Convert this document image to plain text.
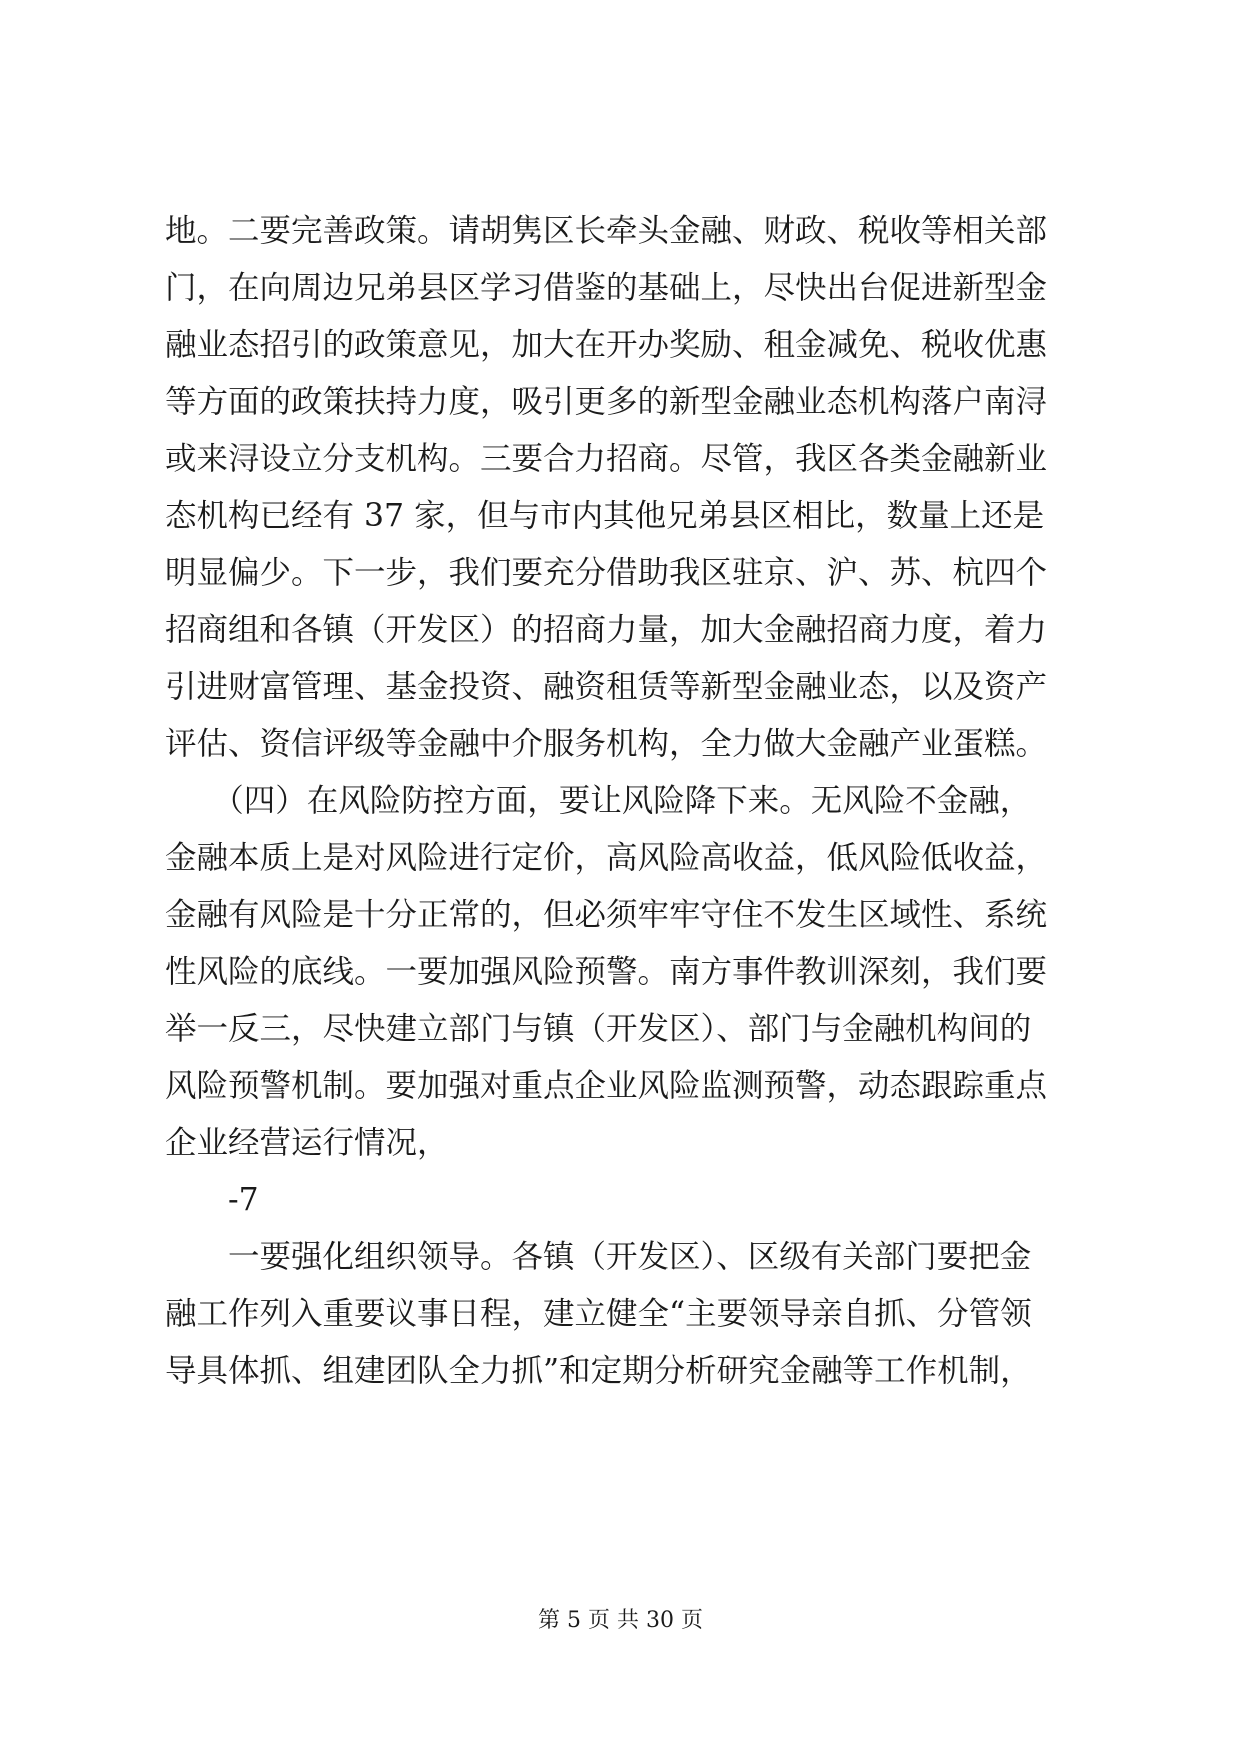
地。二要完善政策。请胡隽区长牵头金融、财政、税收等相关部
门，在向周边兄弟县区学习借鉴的基础上，尽快出台促进新型金
融业态招引的政策意见，加大在开办奖励、租金减免、税收优惠
等方面的政策扶持力度，吸引更多的新型金融业态机构落户南浔
或来浔设立分支机构。三要合力招商。尽管，我区各类金融新业
态机构已经有 37 家，但与市内其他兄弟县区相比，数量上还是
明显偏少。下一步，我们要充分借助我区驻京、沪、苏、杭四个
招商组和各镇（开发区）的招商力量，加大金融招商力度，着力
引进财富管理、基金投资、融资租赁等新型金融业态，以及资产
评估、资信评级等金融中介服务机构，全力做大金融产业蛋糕。
　　（四）在风险防控方面，要让风险降下来。无风险不金融，
金融本质上是对风险进行定价，高风险高收益，低风险低收益，
金融有风险是十分正常的，但必须牢牢守住不发生区域性、系统
性风险的底线。一要加强风险预警。南方事件教训深刻，我们要
举一反三，尽快建立部门与镇（开发区）、部门与金融机构间的
风险预警机制。要加强对重点企业风险监测预警，动态跟踪重点
企业经营运行情况，
　　-7
　　一要强化组织领导。各镇（开发区）、区级有关部门要把金
融工作列入重要议事日程，建立健全“主要领导亲自抓、分管领
导具体抓、组建团队全力抓”和定期分析研究金融等工作机制，
第 5 页 共 30 页
